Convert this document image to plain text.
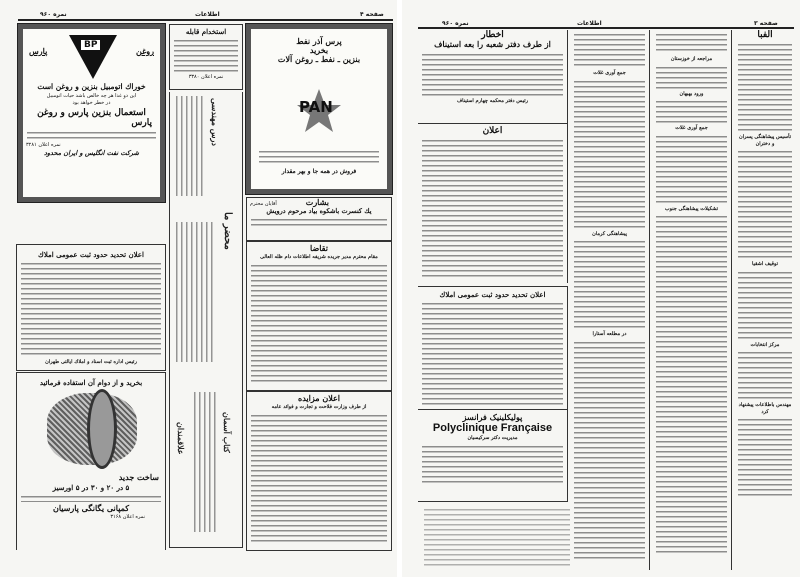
نمره ۹۶۰	اطلاعات	صفحه ۴
BP
پارس	روغن
خوراك اتومبیل بنزین و روغن است
این دو غذا هر چه خالص باشد حیات اتومبیل
در خطر خواهد بود
استعمال بنزین پارس و روغن
پارس
نمره اعلان ۳۲۸۱
شرکت نفت انگلیس و ایران محدود
استخدام قابله
نمره اعلان ۳۳۸۰
درس مهندسی
محضر ما
کتاب آسمان
علاقمندان
پرس آذر نفط
بخرید
بنزین ـ نفط ـ روغن آلات
PAN
فروش در همه جا و بهر مقدار
بشارت
آقایان محترم
یك کنسرت باشکوه بیاد مرحوم درویش
تقاضا
مقام محترم مدیر جریده شریفه اطلاعات دام ظله العالی
اعلان مزایده
از طرف وزارت فلاحت و تجارت و فوائد عامه
اعلان تحدید حدود ثبت عمومی املاك
رئیس اداره ثبت اسناد و املاك ایالتی طهران
بخرید و از دوام آن استفاده فرمائید
ساخت جدید
۵ در ۲۰ و ۳۰ در ۵ اورسیز
کمپانی یگانگی پارسیان
نمره اعلان ۳۱۶۸
نمره ۹۶۰	اطلاعات	صفحه ۳
اخطار
از طرف دفتر شعبه را بعه استیناف
رئیس دفتر محکمه چهارم استیناف
اعلان
اعلان تحدید حدود ثبت عمومی املاك
پولیکلینیک فرانسز
Polyclinique Française
مدیریت دکتر سرکیسیان
جمع آوری غلات
پیشاهنگی کرمان
در مطلعه آستارا
مراجعه از خوزستان
ورود بهبهان
جمع آوری غلات
تشکیلات پیشاهنگی جنوب
الفبا
تأسیس پیشاهنگی پسران و دختران
توقیف اشقیا
مرکز انتخابات
مهندس باطلاعات پیشنهاد کرد
